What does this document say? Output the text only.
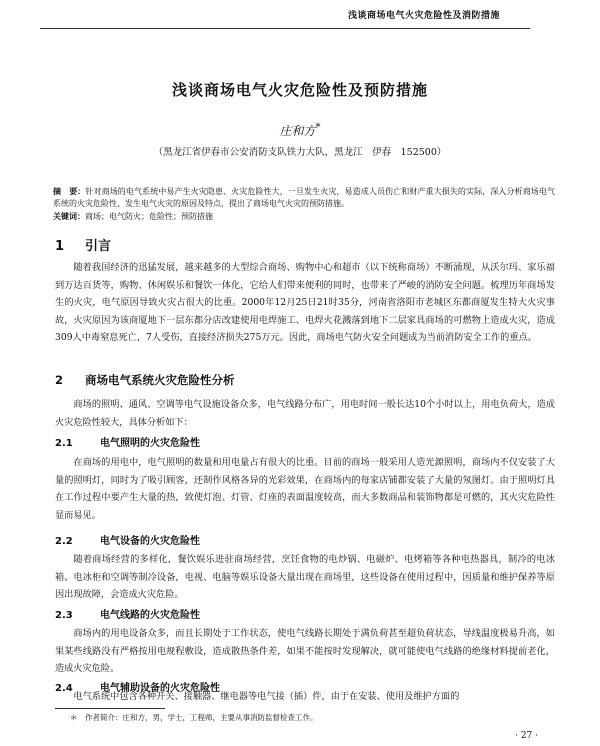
浅谈商场电气火灾危险性及消防措施
浅谈商场电气火灾危险性及预防措施
庄和方*
（黑龙江省伊春市公安消防支队铁力大队，黑龙江　伊春　152500）
摘　要：针对商场的电气系统中易产生火灾隐患、火灾危险性大，一旦发生火灾，易造成人员伤亡和财产重大损失的实际，深入分析商场电气系统的火灾危险性、发生电气火灾的原因及特点，提出了商场电气火灾的预防措施。
关键词：商场；电气防火；危险性；预防措施
1 引言
随着我国经济的迅猛发展，越来越多的大型综合商场、购物中心和超市（以下统称商场）不断涌现，从沃尔玛、家乐福到万达百货等，购物、休闲娱乐和餐饮一体化，它给人们带来便利的同时，也带来了严峻的消防安全问题。梳理历年商场发生的火灾，电气原因导致火灾占很大的比重。2000年12月25日21时35分，河南省洛阳市老城区东都商厦发生特大火灾事故，火灾原因为该商厦地下一层东都分店改建使用电焊施工、电焊火花溅落到地下二层家具商场的可燃物上造成火灾，造成309人中毒窒息死亡，7人受伤，直接经济损失275万元。因此，商场电气防火安全问题成为当前消防安全工作的重点。
2 商场电气系统火灾危险性分析
商场的照明、通风、空调等电气设施设备众多，电气线路分布广，用电时间一般长达10个小时以上，用电负荷大，造成火灾危险性较大，具体分析如下：
2.1	电气照明的火灾危险性
在商场的用电中，电气照明的数量和用电量占有很大的比重。目前的商场一般采用人造光源照明，商场内不仅安装了大量的照明灯，同时为了吸引顾客，还制作风格各异的光彩效果，在商场内的每家店铺都安装了大量的氖图灯。由于照明灯具在工作过程中要产生大量的热，致使灯泡、灯管、灯座的表面温度较高，而大多数商品和装饰物都是可燃的，其火灾危险性显而易见。
2.2	电气设备的火灾危险性
随着商场经营的多样化，餐饮娱乐进驻商场经营，烹饪食物的电炒锅、电磁炉、电烤箱等各种电热器具，制冷的电冰箱、电冰柜和空调等制冷设备，电视、电脑等娱乐设备大量出现在商场里，这些设备在使用过程中，因质量和维护保养等原因出现故障，会造成火灾危险。
2.3	电气线路的火灾危险性
商场内的用电设备众多，而且长期处于工作状态，使电气线路长期处于满负荷甚至超负荷状态，导线温度极易升高，如果某些线路没有严格按用电规程敷设，造成散热条件差，如果不能按时发现解决，就可能使电气线路的绝缘材料提前老化，造成火灾危险。
2.4	电气辅助设备的火灾危险性
电气系统中包含各种开关、接触器、继电器等电气接（插）件，由于在安装、使用及维护方面的
＊　作者简介：庄和方，男，学士，工程师，主要从事消防监督检查工作。
· 27 ·
